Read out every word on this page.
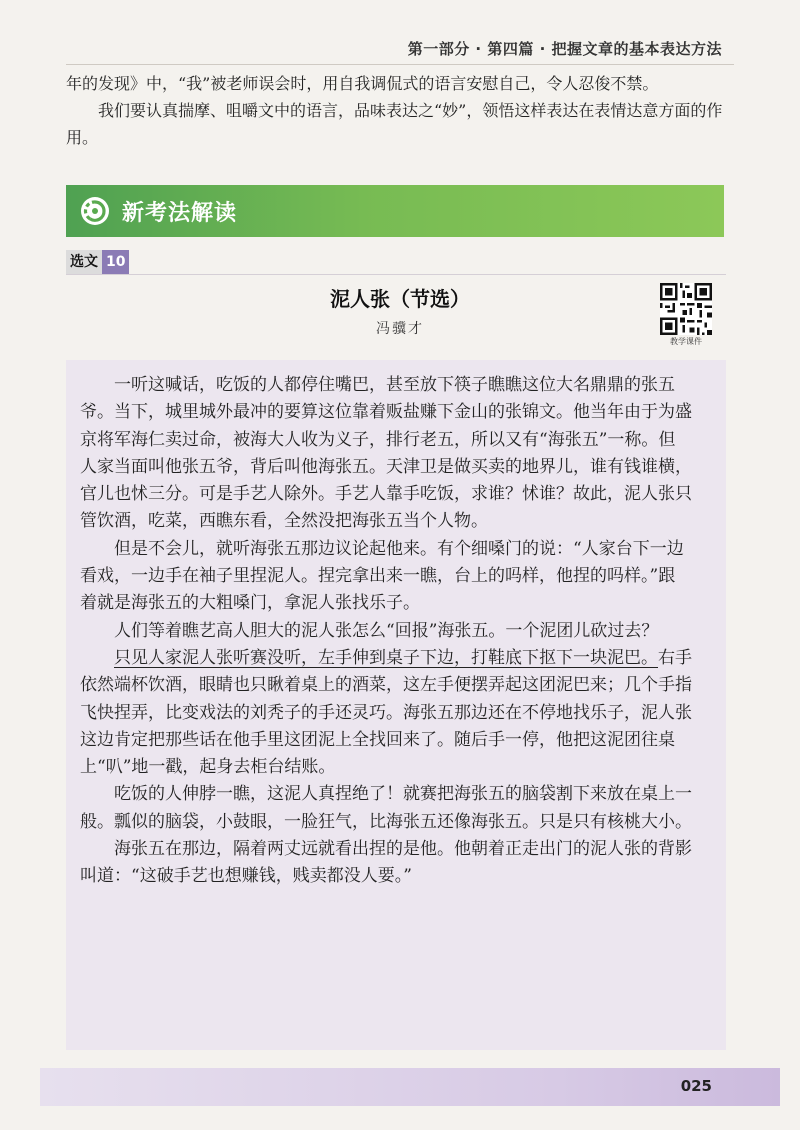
第一部分 · 第四篇 · 把握文章的基本表达方法

年的发现》中，“我”被老师误会时，用自我调侃式的语言安慰自己，令人忍俊不禁。

我们要认真揣摩、咀嚼文中的语言，品味表达之“妙”，领悟这样表达在表情达意方面的作用。

新考法解读
选文 10
泥人张（节选）
冯骥才
教学课件

一听这喊话，吃饭的人都停住嘴巴，甚至放下筷子瞧瞧这位大名鼎鼎的张五爷。当下，城里城外最冲的要算这位靠着贩盐赚下金山的张锦文。他当年由于为盛京将军海仁卖过命，被海大人收为义子，排行老五，所以又有“海张五”一称。但人家当面叫他张五爷，背后叫他海张五。天津卫是做买卖的地界儿，谁有钱谁横，官儿也怵三分。可是手艺人除外。手艺人靠手吃饭，求谁？怵谁？故此，泥人张只管饮酒，吃菜，西瞧东看，全然没把海张五当个人物。

但是不会儿，就听海张五那边议论起他来。有个细嗓门的说：“人家台下一边看戏，一边手在袖子里捏泥人。捏完拿出来一瞧，台上的吗样，他捏的吗样。”跟着就是海张五的大粗嗓门，拿泥人张找乐子。

人们等着瞧艺高人胆大的泥人张怎么“回报”海张五。一个泥团儿砍过去？

只见人家泥人张听赛没听，左手伸到桌子下边，打鞋底下抠下一块泥巴。右手依然端杯饮酒，眼睛也只瞅着桌上的酒菜，这左手便摆弄起这团泥巴来；几个手指飞快捏弄，比变戏法的刘秃子的手还灵巧。海张五那边还在不停地找乐子，泥人张这边肯定把那些话在他手里这团泥上全找回来了。随后手一停，他把这泥团往桌上“叭”地一戳，起身去柜台结账。

吃饭的人伸脖一瞧，这泥人真捏绝了！就赛把海张五的脑袋割下来放在桌上一般。瓢似的脑袋，小鼓眼，一脸狂气，比海张五还像海张五。只是只有核桃大小。

海张五在那边，隔着两丈远就看出捏的是他。他朝着正走出门的泥人张的背影叫道：“这破手艺也想赚钱，贱卖都没人要。”

025
